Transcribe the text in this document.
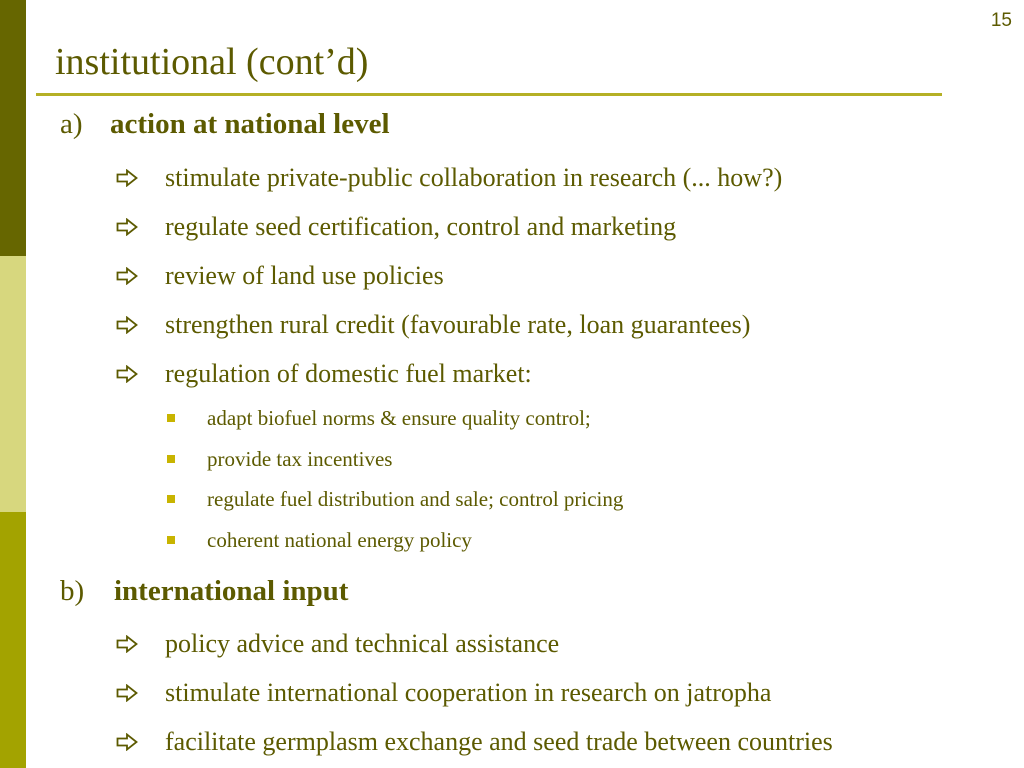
15
institutional (cont’d)
a) action at national level
stimulate private-public collaboration in research (... how?)
regulate seed certification, control and marketing
review of land use policies
strengthen rural credit (favourable rate, loan guarantees)
regulation of domestic fuel market:
adapt biofuel norms & ensure quality control;
provide tax incentives
regulate fuel distribution and sale; control pricing
coherent national energy policy
b) international input
policy advice and technical assistance
stimulate international cooperation in research on jatropha
facilitate germplasm exchange and seed trade between countries
